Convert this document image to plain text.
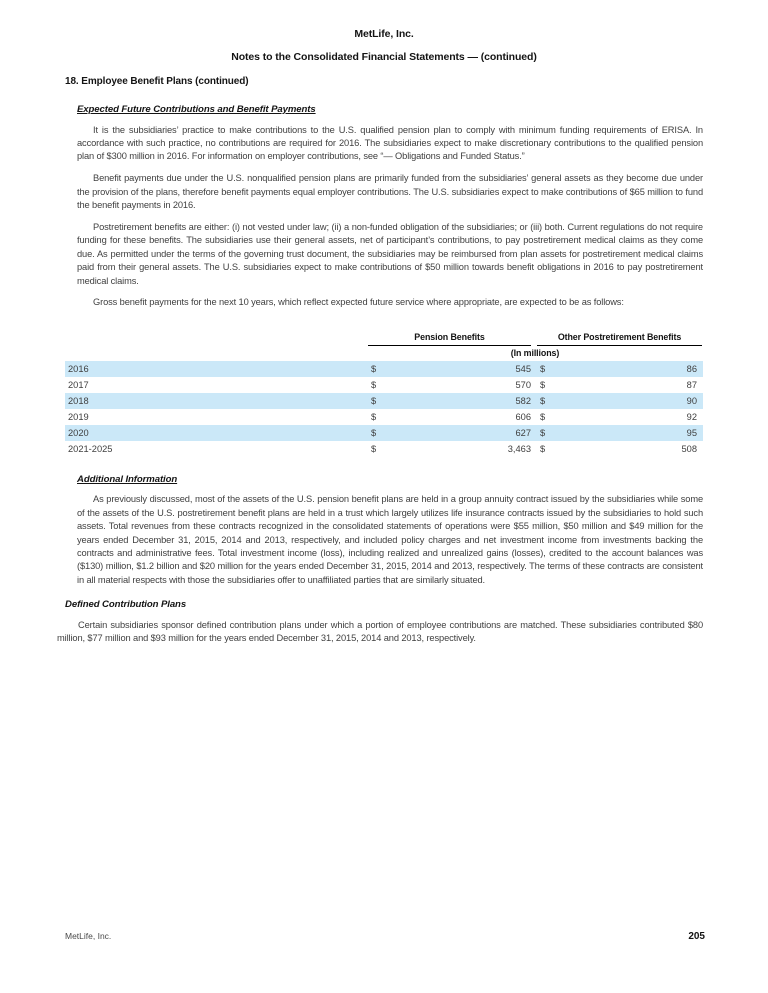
MetLife, Inc.
Notes to the Consolidated Financial Statements — (continued)
18. Employee Benefit Plans (continued)
Expected Future Contributions and Benefit Payments

It is the subsidiaries’ practice to make contributions to the U.S. qualified pension plan to comply with minimum funding requirements of ERISA. In accordance with such practice, no contributions are required for 2016. The subsidiaries expect to make discretionary contributions to the qualified pension plan of $300 million in 2016. For information on employer contributions, see “— Obligations and Funded Status.”

Benefit payments due under the U.S. nonqualified pension plans are primarily funded from the subsidiaries’ general assets as they become due under the provision of the plans, therefore benefit payments equal employer contributions. The U.S. subsidiaries expect to make contributions of $65 million to fund the benefit payments in 2016.

Postretirement benefits are either: (i) not vested under law; (ii) a non-funded obligation of the subsidiaries; or (iii) both. Current regulations do not require funding for these benefits. The subsidiaries use their general assets, net of participant’s contributions, to pay postretirement medical claims as they come due. As permitted under the terms of the governing trust document, the subsidiaries may be reimbursed from plan assets for postretirement medical claims paid from their general assets. The U.S. subsidiaries expect to make contributions of $50 million towards benefit obligations in 2016 to pay postretirement medical claims.

Gross benefit payments for the next 10 years, which reflect expected future service where appropriate, are expected to be as follows:

Pension Benefits	Other Postretirement Benefits
(In millions)
2016	$	545 $	86
2017	$	570 $	87
2018	$	582 $	90
2019	$	606 $	92
2020	$	627 $	95
2021-2025	$	3,463 $	508
Additional Information

As previously discussed, most of the assets of the U.S. pension benefit plans are held in a group annuity contract issued by the subsidiaries while some of the assets of the U.S. postretirement benefit plans are held in a trust which largely utilizes life insurance contracts issued by the subsidiaries to hold such assets. Total revenues from these contracts recognized in the consolidated statements of operations were $55 million, $50 million and $49 million for the years ended December 31, 2015, 2014 and 2013, respectively, and included policy charges and net investment income from investments backing the contracts and administrative fees. Total investment income (loss), including realized and unrealized gains (losses), credited to the account balances was ($130) million, $1.2 billion and $20 million for the years ended December 31, 2015, 2014 and 2013, respectively. The terms of these contracts are consistent in all material respects with those the subsidiaries offer to unaffiliated parties that are similarly situated.

Defined Contribution Plans

Certain subsidiaries sponsor defined contribution plans under which a portion of employee contributions are matched. These subsidiaries contributed $80 million, $77 million and $93 million for the years ended December 31, 2015, 2014 and 2013, respectively.

MetLife, Inc.	205
